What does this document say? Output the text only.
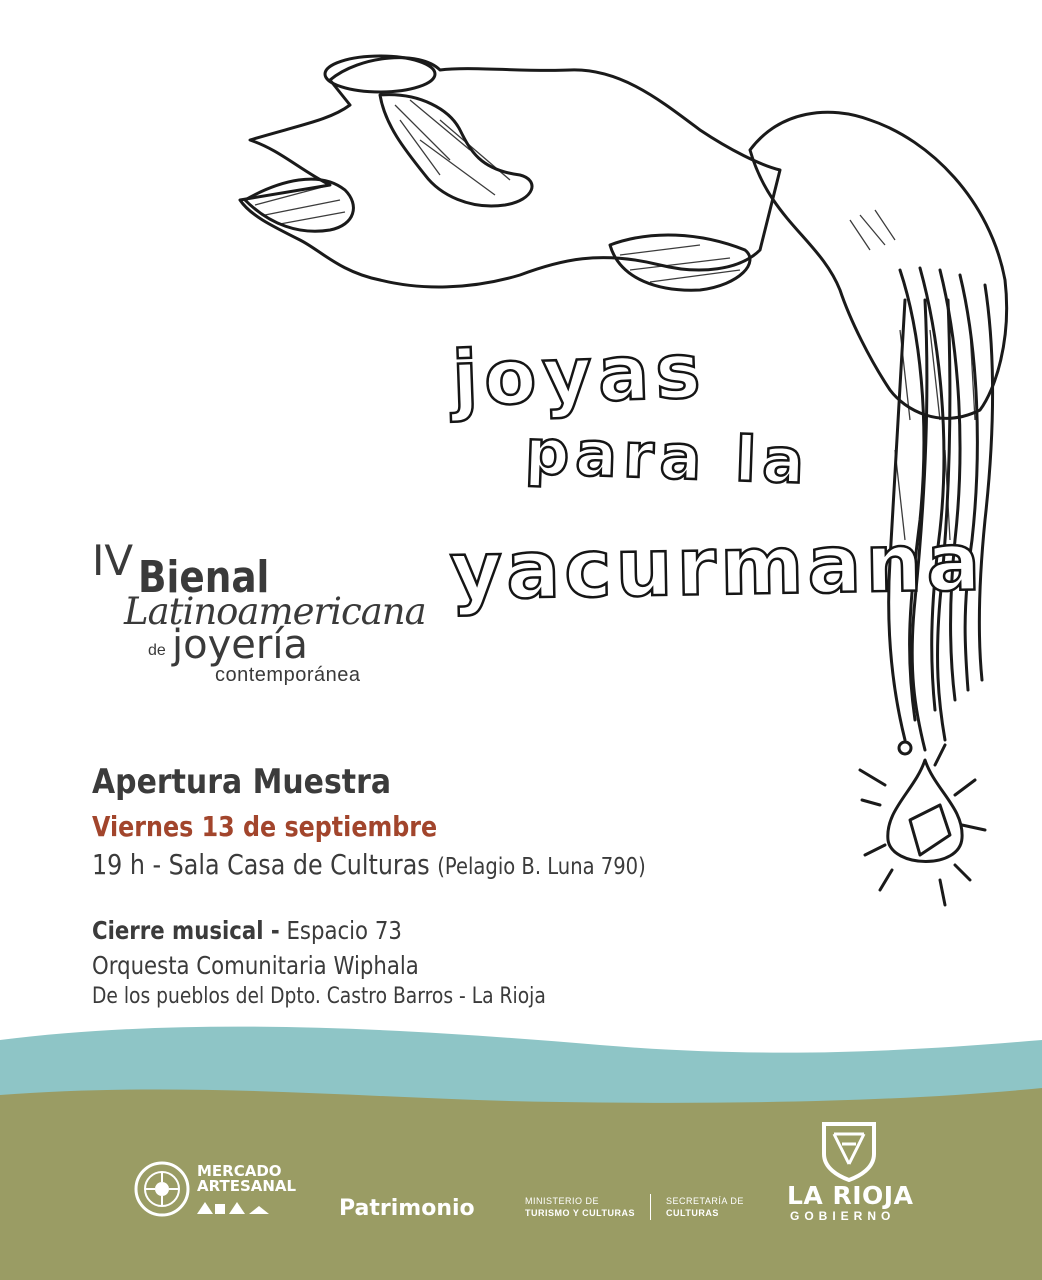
joyas
para la
yacurmana
IV Bienal
Latinoamericana
de joyería
contemporánea
Apertura Muestra
Viernes 13 de septiembre
19 h - Sala Casa de Culturas (Pelagio B. Luna 790)
Cierre musical - Espacio 73
Orquesta Comunitaria Wiphala
De los pueblos del Dpto. Castro Barros - La Rioja
MERCADO
ARTESANAL
Patrimonio	MINISTERIO DE
TURISMO Y CULTURAS
SECRETARÍA DE
CULTURAS
LA RIOJA
GOBIERNO
